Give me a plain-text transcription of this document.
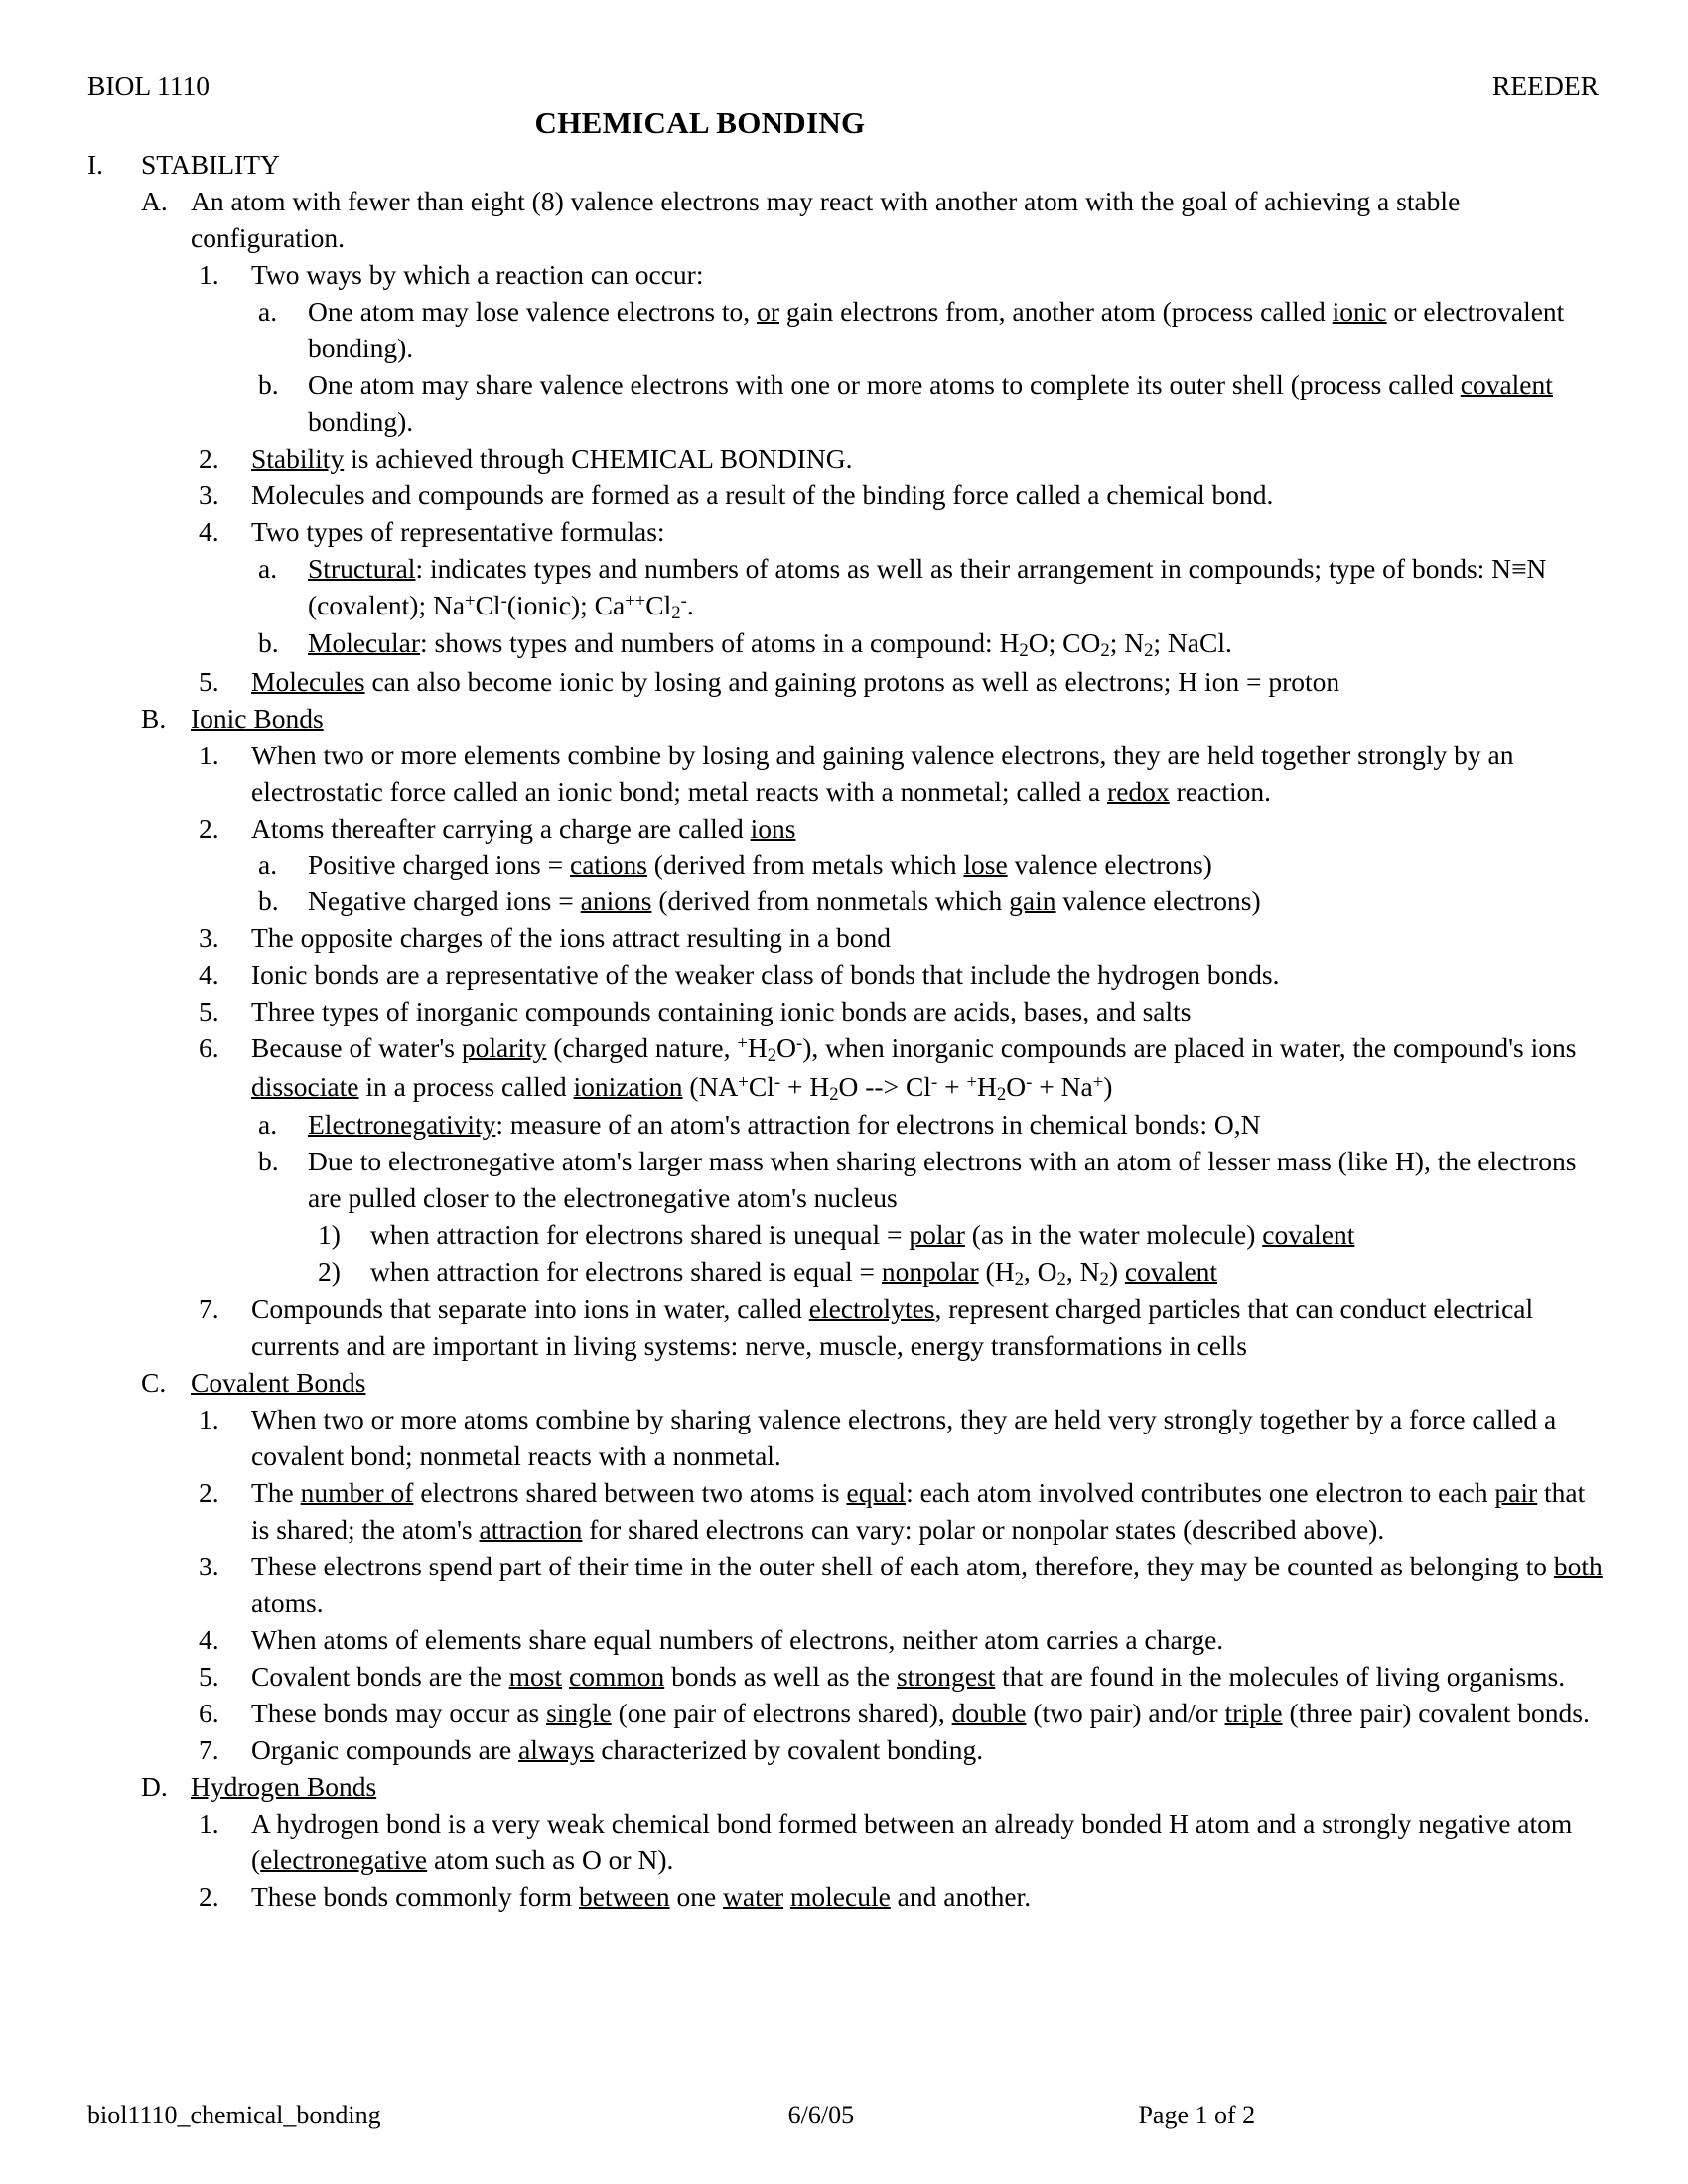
BIOL 1110	REEDER
CHEMICAL BONDING
I.	STABILITY
A. An atom with fewer than eight (8) valence electrons may react with another atom with the goal of achieving a stable configuration.
1.	Two ways by which a reaction can occur:
a.	One atom may lose valence electrons to, or gain electrons from, another atom (process called ionic or electrovalent bonding).
b.	One atom may share valence electrons with one or more atoms to complete its outer shell (process called covalent bonding).
2.	Stability is achieved through CHEMICAL BONDING.
3.	Molecules and compounds are formed as a result of the binding force called a chemical bond.
4.	Two types of representative formulas:
a.	Structural: indicates types and numbers of atoms as well as their arrangement in compounds; type of bonds: N≡N (covalent); Na+Cl-(ionic); $Ca^{++}Cl_2^-$.
b.	Molecular: shows types and numbers of atoms in a compound: $H_2O$; $CO_2$; $N_2$; NaCl.
5.	Molecules can also become ionic by losing and gaining protons as well as electrons; H ion = proton
B. Ionic Bonds
1.	When two or more elements combine by losing and gaining valence electrons, they are held together strongly by an electrostatic force called an ionic bond; metal reacts with a nonmetal; called a redox reaction.
2.	Atoms thereafter carrying a charge are called ions
a.	Positive charged ions = cations (derived from metals which lose valence electrons)
b.	Negative charged ions = anions (derived from nonmetals which gain valence electrons)
3.	The opposite charges of the ions attract resulting in a bond
4.	Ionic bonds are a representative of the weaker class of bonds that include the hydrogen bonds.
5.	Three types of inorganic compounds containing ionic bonds are acids, bases, and salts
6.	Because of water's polarity (charged nature, $^+H_2O^-$), when inorganic compounds are placed in water, the compound's ions dissociate in a process called ionization ($NA^+Cl^- + H_2O$ --> $Cl^- + ^+H_2O^- + Na^+$)
a.	Electronegativity: measure of an atom's attraction for electrons in chemical bonds: O,N
b.	Due to electronegative atom's larger mass when sharing electrons with an atom of lesser mass (like H), the electrons are pulled closer to the electronegative atom's nucleus
1)	when attraction for electrons shared is unequal = polar (as in the water molecule) covalent
2)	when attraction for electrons shared is equal = nonpolar ($H_2$, $O_2$, $N_2$) covalent
7.	Compounds that separate into ions in water, called electrolytes, represent charged particles that can conduct electrical currents and are important in living systems: nerve, muscle, energy transformations in cells
C. Covalent Bonds
1.	When two or more atoms combine by sharing valence electrons, they are held very strongly together by a force called a covalent bond; nonmetal reacts with a nonmetal.
2.	The number of electrons shared between two atoms is equal: each atom involved contributes one electron to each pair that is shared; the atom's attraction for shared electrons can vary: polar or nonpolar states (described above).
3.	These electrons spend part of their time in the outer shell of each atom, therefore, they may be counted as belonging to both atoms.
4.	When atoms of elements share equal numbers of electrons, neither atom carries a charge.
5.	Covalent bonds are the most common bonds as well as the strongest that are found in the molecules of living organisms.
6.	These bonds may occur as single (one pair of electrons shared), double (two pair) and/or triple (three pair) covalent bonds.
7.	Organic compounds are always characterized by covalent bonding.
D. Hydrogen Bonds
1.	A hydrogen bond is a very weak chemical bond formed between an already bonded H atom and a strongly negative atom (electronegative atom such as O or N).
2.	These bonds commonly form between one water molecule and another.
biol1110_chemical_bonding	6/6/05	Page 1 of 2
